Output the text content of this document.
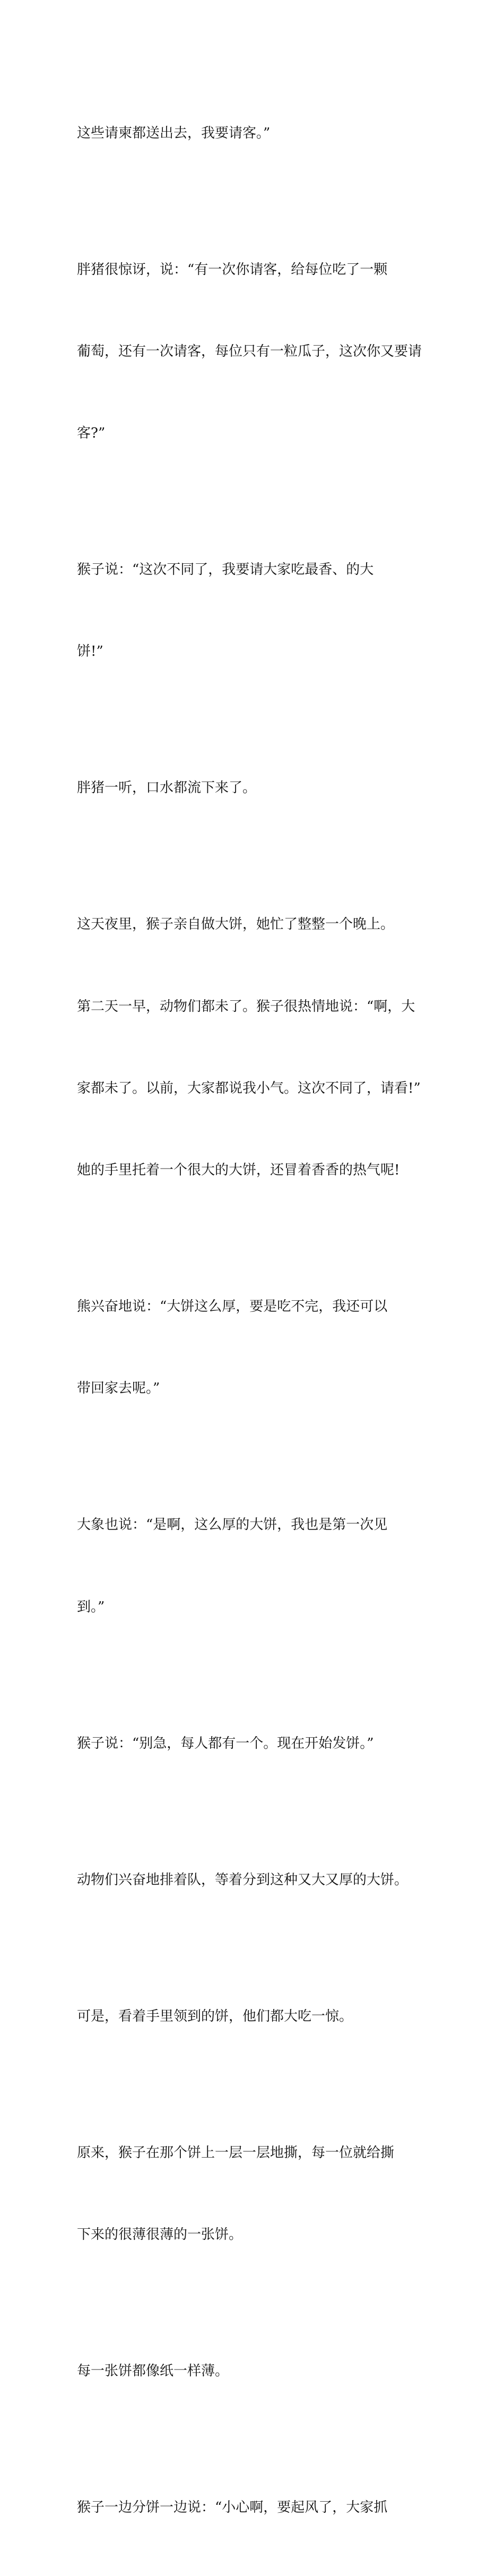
这些请柬都送出去，我要请客。”

胖猪很惊讶，说：“有一次你请客，给每位吃了一颗

葡萄，还有一次请客，每位只有一粒瓜子，这次你又要请

客?”

猴子说：“这次不同了，我要请大家吃最香、的大

饼!”

胖猪一听，口水都流下来了。

这天夜里，猴子亲自做大饼，她忙了整整一个晚上。

第二天一早，动物们都未了。猴子很热情地说：“啊，大

家都未了。以前，大家都说我小气。这次不同了，请看!”

她的手里托着一个很大的大饼，还冒着香香的热气呢!

熊兴奋地说：“大饼这么厚，要是吃不完，我还可以

带回家去呢。”

大象也说：“是啊，这么厚的大饼，我也是第一次见

到。”

猴子说：“别急，每人都有一个。现在开始发饼。”

动物们兴奋地排着队，等着分到这种又大又厚的大饼。

可是，看着手里领到的饼，他们都大吃一惊。

原来，猴子在那个饼上一层一层地撕，每一位就给撕

下来的很薄很薄的一张饼。

每一张饼都像纸一样薄。

猴子一边分饼一边说：“小心啊，要起风了，大家抓
